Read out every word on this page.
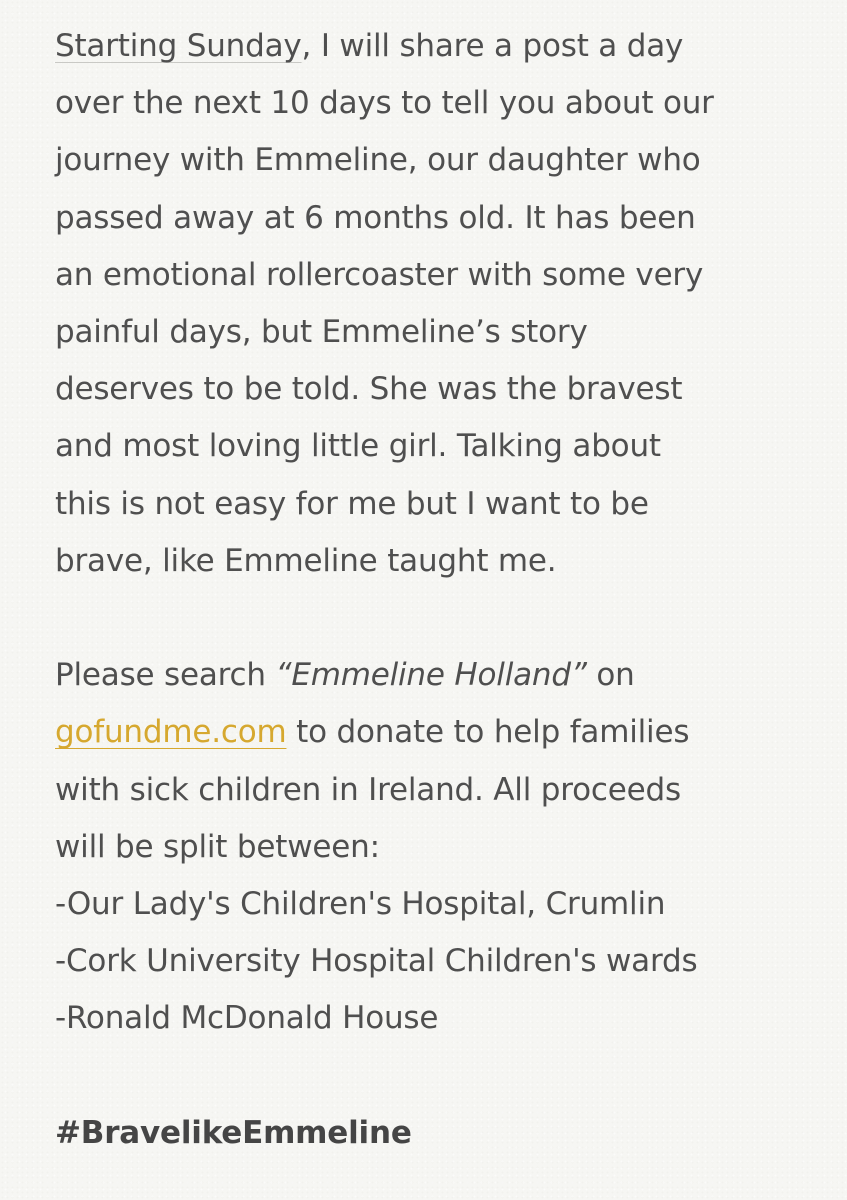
Starting Sunday, I will share a post a day
over the next 10 days to tell you about our
journey with Emmeline, our daughter who
passed away at 6 months old. It has been
an emotional rollercoaster with some very
painful days, but Emmeline’s story
deserves to be told. She was the bravest
and most loving little girl. Talking about
this is not easy for me but I want to be
brave, like Emmeline taught me.
Please search “Emmeline Holland” on
gofundme.com to donate to help families
with sick children in Ireland. All proceeds
will be split between:
-Our Lady's Children's Hospital, Crumlin
-Cork University Hospital Children's wards
-Ronald McDonald House
#BravelikeEmmeline
